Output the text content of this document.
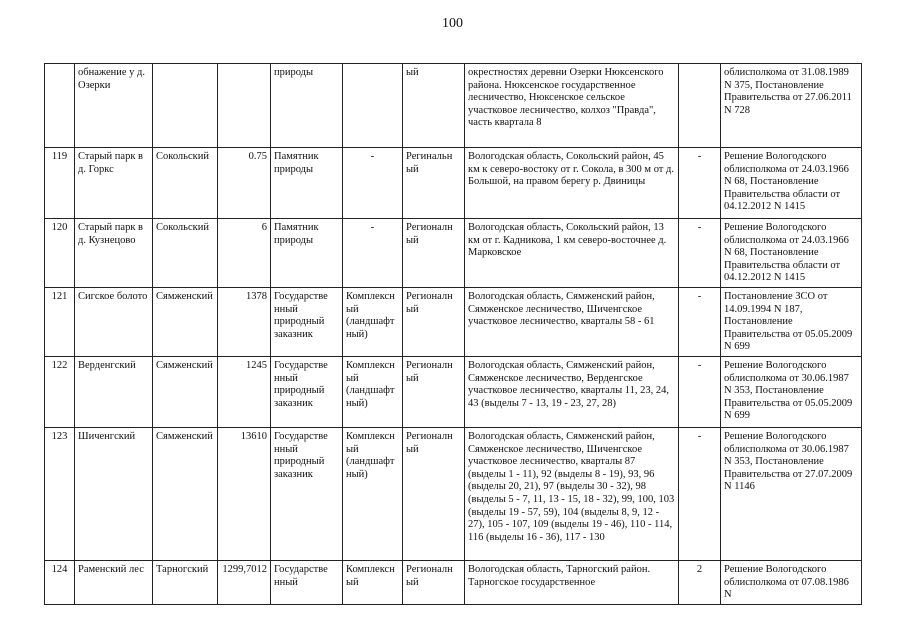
100
	обнажение у д. Озерки			природы		ый	окрестностях деревни Озерки Нюксенского района. Нюксенское государственное лесничество, Нюксенское сельское участковое лесничество, колхоз "Правда", часть квартала 8		облисполкома от 31.08.1989 N 375, Постановление Правительства от 27.06.2011 N 728
119	Старый парк в д. Горкс	Сокольский	0.75	Памятник природы	-	Регинальн ый	Вологодская область, Сокольский район, 45 км к северо-востоку от г. Сокола, в 300 м от д. Большой, на правом берегу р. Двиницы	-	Решение Вологодского облисполкома от 24.03.1966 N 68, Постановление Правительства области от 04.12.2012 N 1415
120	Старый парк в д. Кузнецово	Сокольский	6	Памятник природы	-	Регионалн ый	Вологодская область, Сокольский район, 13 км от г. Кадникова, 1 км северо-восточнее д. Марковское	-	Решение Вологодского облисполкома от 24.03.1966 N 68, Постановление Правительства области от 04.12.2012 N 1415
121	Сигское болото	Сямженский	1378	Государстве нный природный заказник	Комплексн ый (ландшафт ный)	Регионалн ый	Вологодская область, Сямженский район, Сямженское лесничество, Шиченгское участковое лесничество, кварталы 58 - 61	-	Постановление ЗСО от 14.09.1994 N 187, Постановление Правительства от 05.05.2009 N 699
122	Верденгский	Сямженский	1245	Государстве нный природный заказник	Комплексн ый (ландшафт ный)	Регионалн ый	Вологодская область, Сямженский район, Сямженское лесничество, Верденгское участковое лесничество, кварталы 11, 23, 24, 43 (выделы 7 - 13, 19 - 23, 27, 28)	-	Решение Вологодского облисполкома от 30.06.1987 N 353, Постановление Правительства от 05.05.2009 N 699
123	Шиченгский	Сямженский	13610	Государстве нный природный заказник	Комплексн ый (ландшафт ный)	Регионалн ый	Вологодская область, Сямженский район, Сямженское лесничество, Шиченгское участковое лесничество, кварталы 87 (выделы 1 - 11), 92 (выделы 8 - 19), 93, 96 (выделы 20, 21), 97 (выделы 30 - 32), 98 (выделы 5 - 7, 11, 13 - 15, 18 - 32), 99, 100, 103 (выделы 19 - 57, 59), 104 (выделы 8, 9, 12 - 27), 105 - 107, 109 (выделы 19 - 46), 110 - 114, 116 (выделы 16 - 36), 117 - 130	-	Решение Вологодского облисполкома от 30.06.1987 N 353, Постановление Правительства от 27.07.2009 N 1146
124	Раменский лес	Тарногский	1299,7012	Государстве нный	Комплексн ый	Регионалн ый	Вологодская область, Тарногский район. Тарногское государственное	2	Решение Вологодского облисполкома от 07.08.1986 N
